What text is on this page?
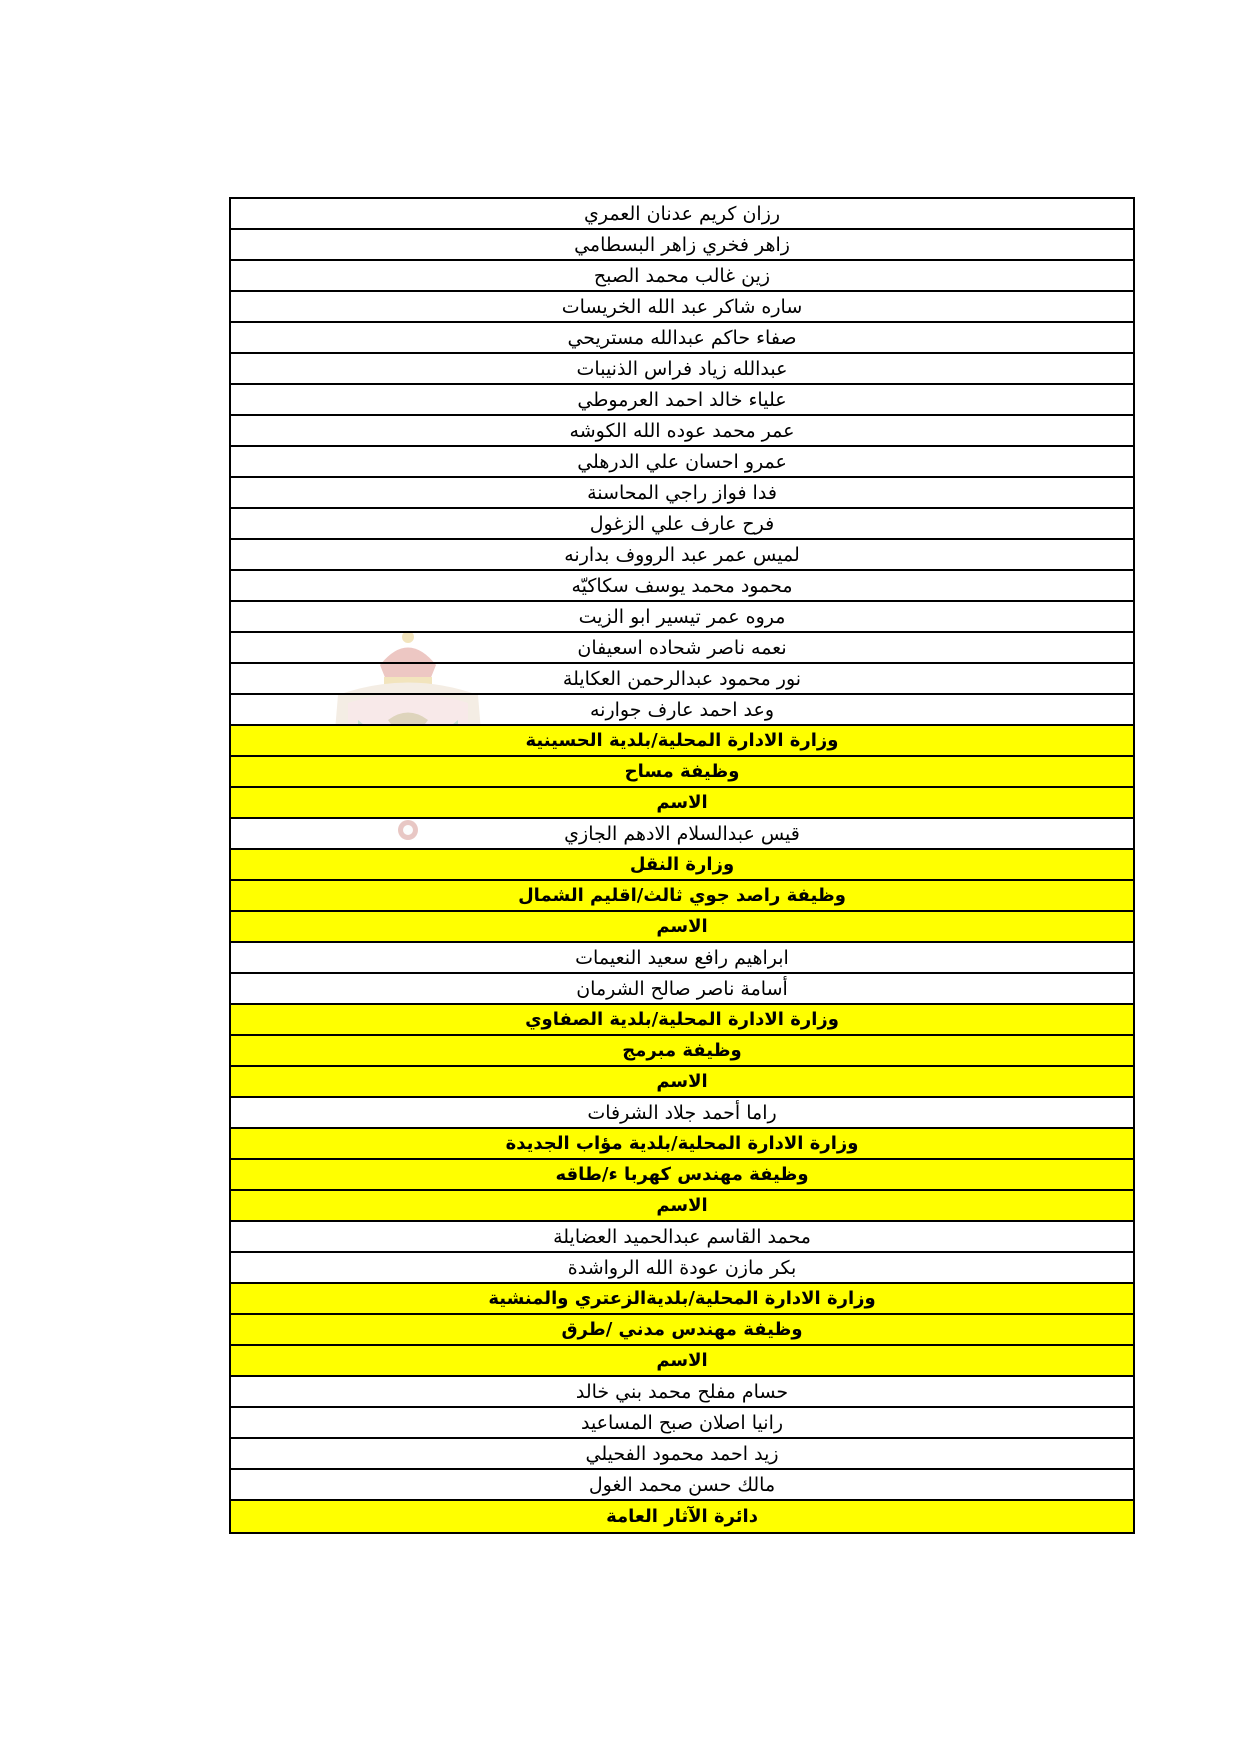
رزان كريم عدنان العمري
زاهر فخري زاهر البسطامي
زين غالب محمد الصبح
ساره شاكر عبد الله الخريسات
صفاء حاكم عبدالله مستريحي
عبدالله زياد فراس الذنيبات
علياء خالد احمد العرموطي
عمر محمد عوده الله الكوشه
عمرو احسان علي الدرهلي
فدا فواز راجي المحاسنة
فرح عارف علي الزغول
لميس عمر عبد الرووف بدارنه
محمود محمد يوسف سكاكيّه
مروه عمر تيسير ابو الزيت
نعمه ناصر شحاده اسعيفان
نور محمود عبدالرحمن العكايلة
وعد احمد عارف جوارنه
وزارة الادارة المحلية/بلدية الحسينية
وظيفة مساح
الاسم
قيس عبدالسلام الادهم الجازي
وزارة النقل
وظيفة راصد جوي ثالث/اقليم الشمال
الاسم
ابراهيم رافع سعيد النعيمات
أسامة ناصر صالح الشرمان
وزارة الادارة المحلية/بلدية الصفاوي
وظيفة مبرمج
الاسم
راما أحمد جلاد الشرفات
وزارة الادارة المحلية/بلدية مؤاب الجديدة
وظيفة مهندس كهربا ء/طاقه
الاسم
محمد القاسم عبدالحميد العضايلة
بكر مازن عودة الله الرواشدة
وزارة الادارة المحلية/بلديةالزعتري والمنشية
وظيفة مهندس مدني /طرق
الاسم
حسام مفلح محمد بني خالد
رانيا اصلان صبح المساعيد
زيد احمد محمود الفحيلي
مالك حسن محمد الغول
دائرة الآثار العامة
